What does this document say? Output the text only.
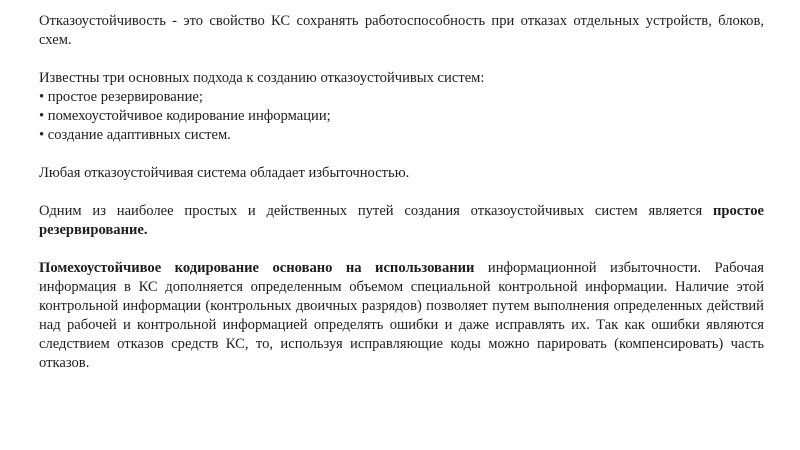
Отказоустойчивость - это свойство КС сохранять работоспособность при отказах отдельных устройств, блоков, схем.

Известны три основных подхода к созданию отказоустойчивых систем:

• простое резервирование;
• помехоустойчивое кодирование информации;
• создание адаптивных систем.

Любая отказоустойчивая система обладает избыточностью.

Одним из наиболее простых и действенных путей создания отказоустойчивых систем является простое резервирование.

Помехоустойчивое кодирование основано на использовании информационной избыточности. Рабочая информация в КС дополняется определенным объемом специальной контрольной информации. Наличие этой контрольной информации (контрольных двоичных разрядов) позволяет путем выполнения определенных действий над рабочей и контрольной информацией определять ошибки и даже исправлять их. Так как ошибки являются следствием отказов средств КС, то, используя исправляющие коды можно парировать (компенсировать) часть отказов.
